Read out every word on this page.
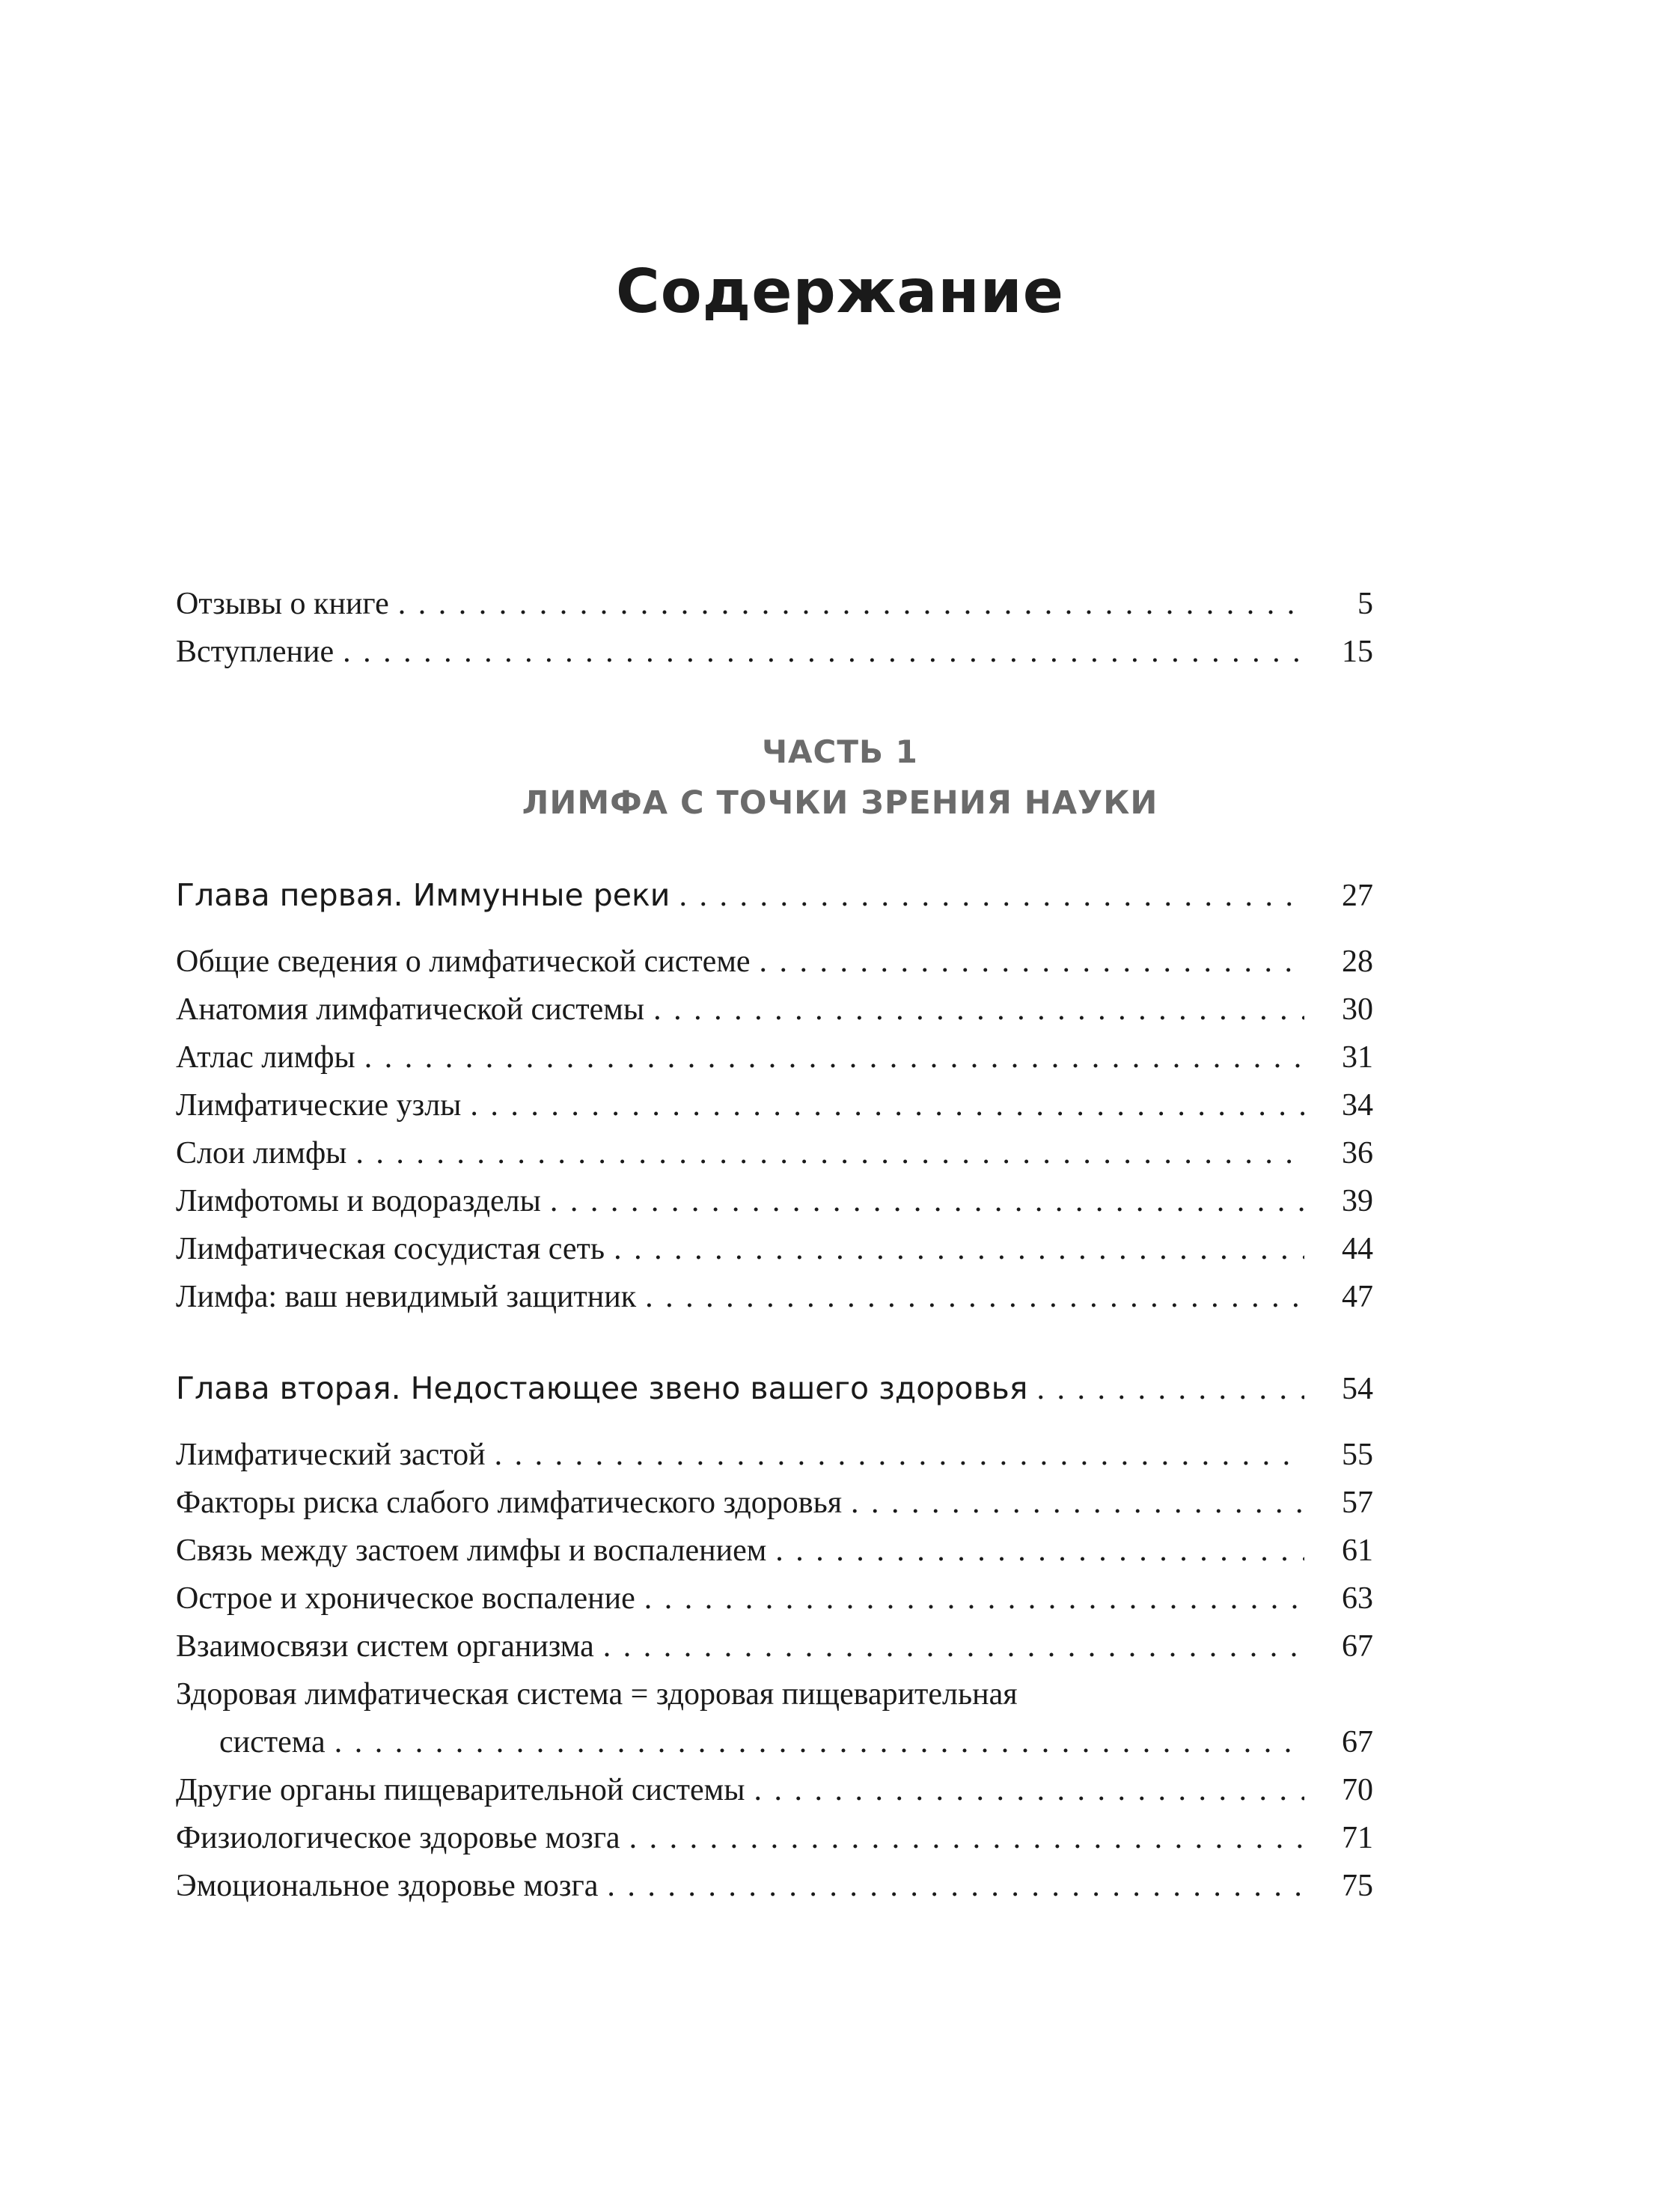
Содержание
Отзывы о книге . . .	5
Вступление . . .	15
ЧАСТЬ 1
ЛИМФА С ТОЧКИ ЗРЕНИЯ НАУКИ
Глава первая. Иммунные реки . . .	27
Общие сведения о лимфатической системе . . .	28
Анатомия лимфатической системы . . .	30
Атлас лимфы . . .	31
Лимфатические узлы . . .	34
Слои лимфы . . .	36
Лимфотомы и водоразделы . . .	39
Лимфатическая сосудистая сеть . . .	44
Лимфа: ваш невидимый защитник . . .	47
Глава вторая. Недостающее звено вашего здоровья . . .	54
Лимфатический застой . . .	55
Факторы риска слабого лимфатического здоровья . . .	57
Связь между застоем лимфы и воспалением . . .	61
Острое и хроническое воспаление . . .	63
Взаимосвязи систем организма . . .	67
Здоровая лимфатическая система = здоровая пищеварительная
система . . .	67
Другие органы пищеварительной системы . . .	70
Физиологическое здоровье мозга . . .	71
Эмоциональное здоровье мозга . . .	75
